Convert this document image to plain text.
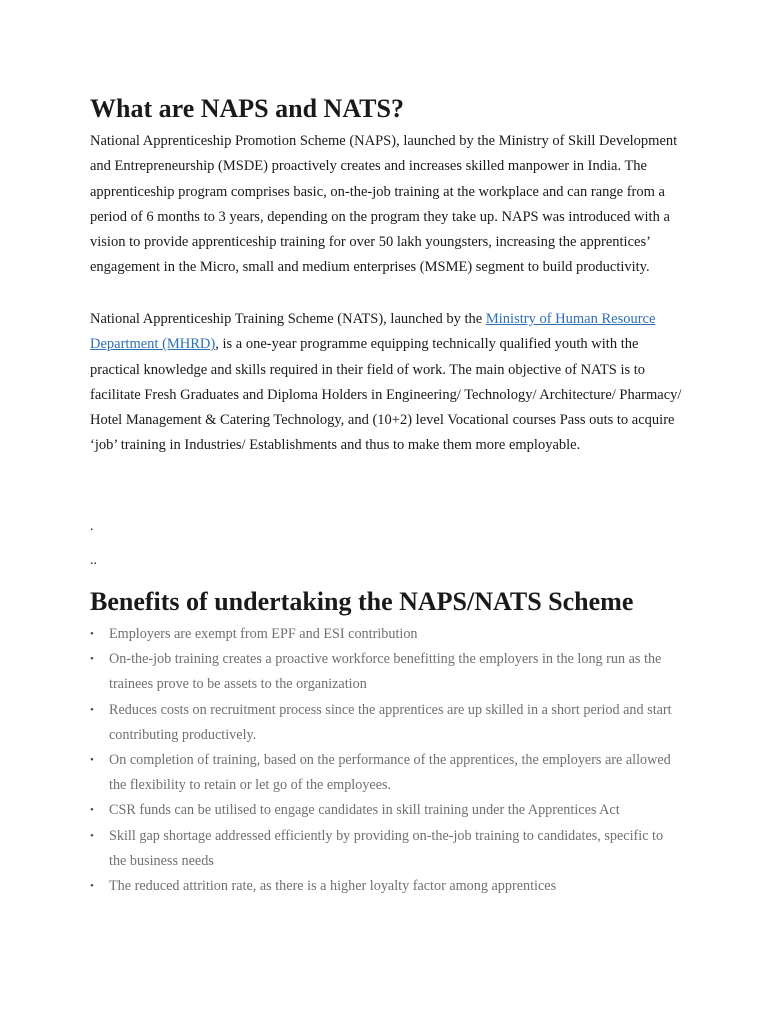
What are NAPS and NATS?

National Apprenticeship Promotion Scheme (NAPS), launched by the Ministry of Skill Development and Entrepreneurship (MSDE) proactively creates and increases skilled manpower in India. The apprenticeship program comprises basic, on-the-job training at the workplace and can range from a period of 6 months to 3 years, depending on the program they take up. NAPS was introduced with a vision to provide apprenticeship training for over 50 lakh youngsters, increasing the apprentices’ engagement in the Micro, small and medium enterprises (MSME) segment to build productivity.

National Apprenticeship Training Scheme (NATS), launched by the Ministry of Human Resource Department (MHRD), is a one-year programme equipping technically qualified youth with the practical knowledge and skills required in their field of work. The main objective of NATS is to facilitate Fresh Graduates and Diploma Holders in Engineering/ Technology/ Architecture/ Pharmacy/ Hotel Management & Catering Technology, and (10+2) level Vocational courses Pass outs to acquire ‘job’ training in Industries/ Establishments and thus to make them more employable.

.
..
Benefits of undertaking the NAPS/NATS Scheme
• Employers are exempt from EPF and ESI contribution
• On-the-job training creates a proactive workforce benefitting the employers in the long run as the trainees prove to be assets to the organization
• Reduces costs on recruitment process since the apprentices are up skilled in a short period and start contributing productively.
• On completion of training, based on the performance of the apprentices, the employers are allowed the flexibility to retain or let go of the employees.
• CSR funds can be utilised to engage candidates in skill training under the Apprentices Act
• Skill gap shortage addressed efficiently by providing on-the-job training to candidates, specific to the business needs
• The reduced attrition rate, as there is a higher loyalty factor among apprentices
